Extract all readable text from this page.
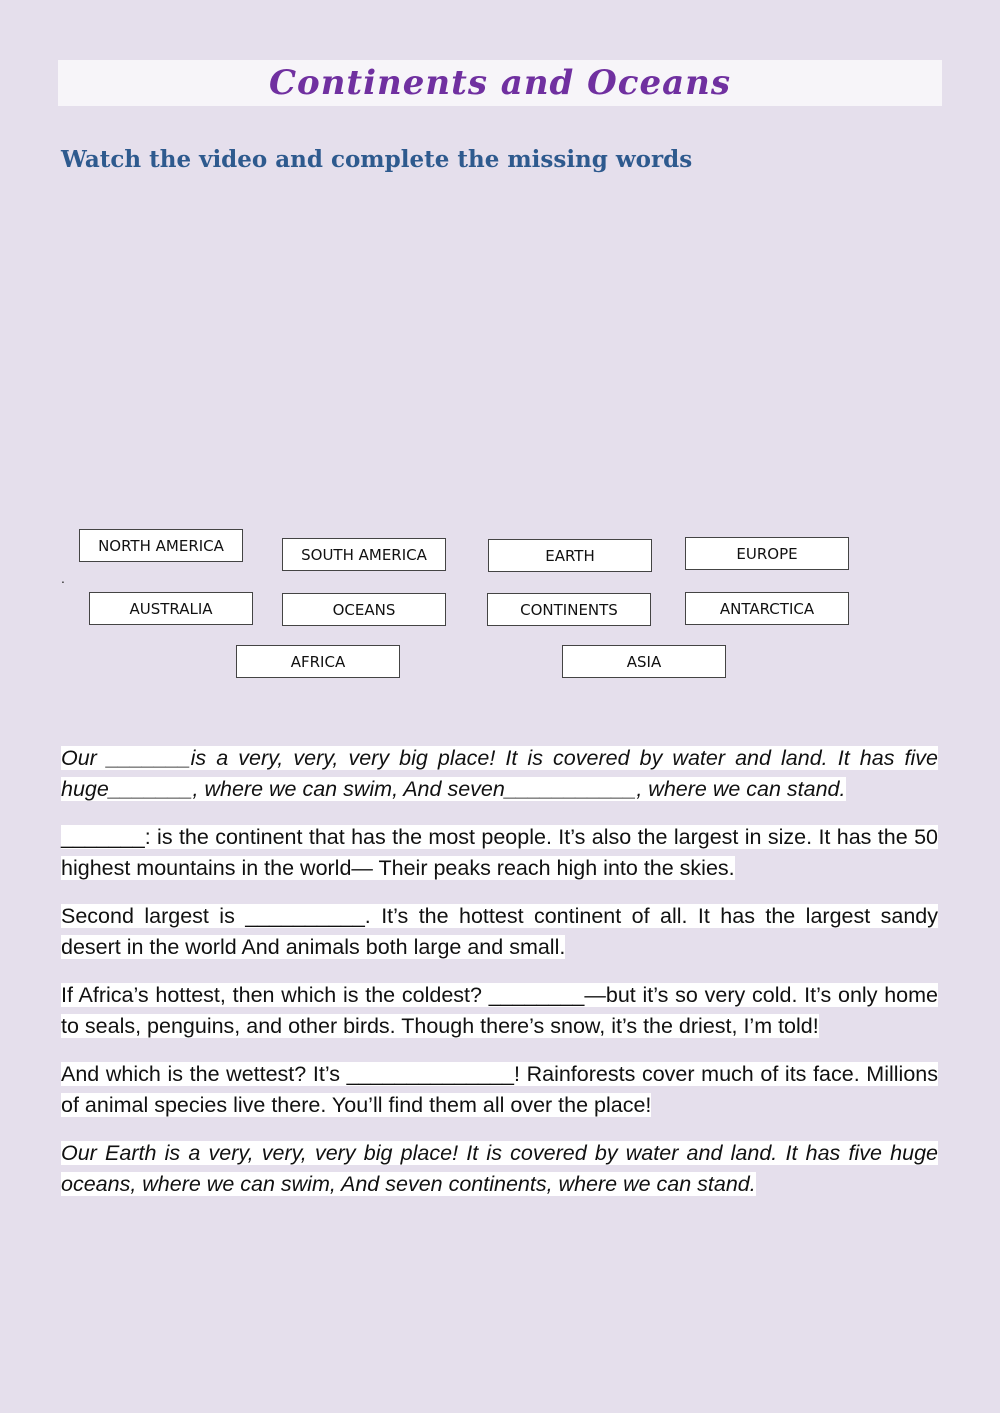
Continents and Oceans
Watch the video and complete the missing words
.
NORTH AMERICA	SOUTH AMERICA	EARTH	EUROPE
AUSTRALIA	OCEANS	CONTINENTS	ANTARCTICA
AFRICA	ASIA

Our _______is a very, very, very big place! It is covered by water and land. It has five huge_______, where we can swim, And seven___________, where we can stand.

_______: is the continent that has the most people. It’s also the largest in size. It has the 50 highest mountains in the world— Their peaks reach high into the skies.

Second largest is __________. It’s the hottest continent of all. It has the largest sandy desert in the world And animals both large and small.

If Africa’s hottest, then which is the coldest? ________—but it’s so very cold. It’s only home to seals, penguins, and other birds. Though there’s snow, it’s the driest, I’m told!

And which is the wettest? It’s ______________! Rainforests cover much of its face. Millions of animal species live there. You’ll find them all over the place!

Our Earth is a very, very, very big place! It is covered by water and land. It has five huge oceans, where we can swim, And seven continents, where we can stand.
